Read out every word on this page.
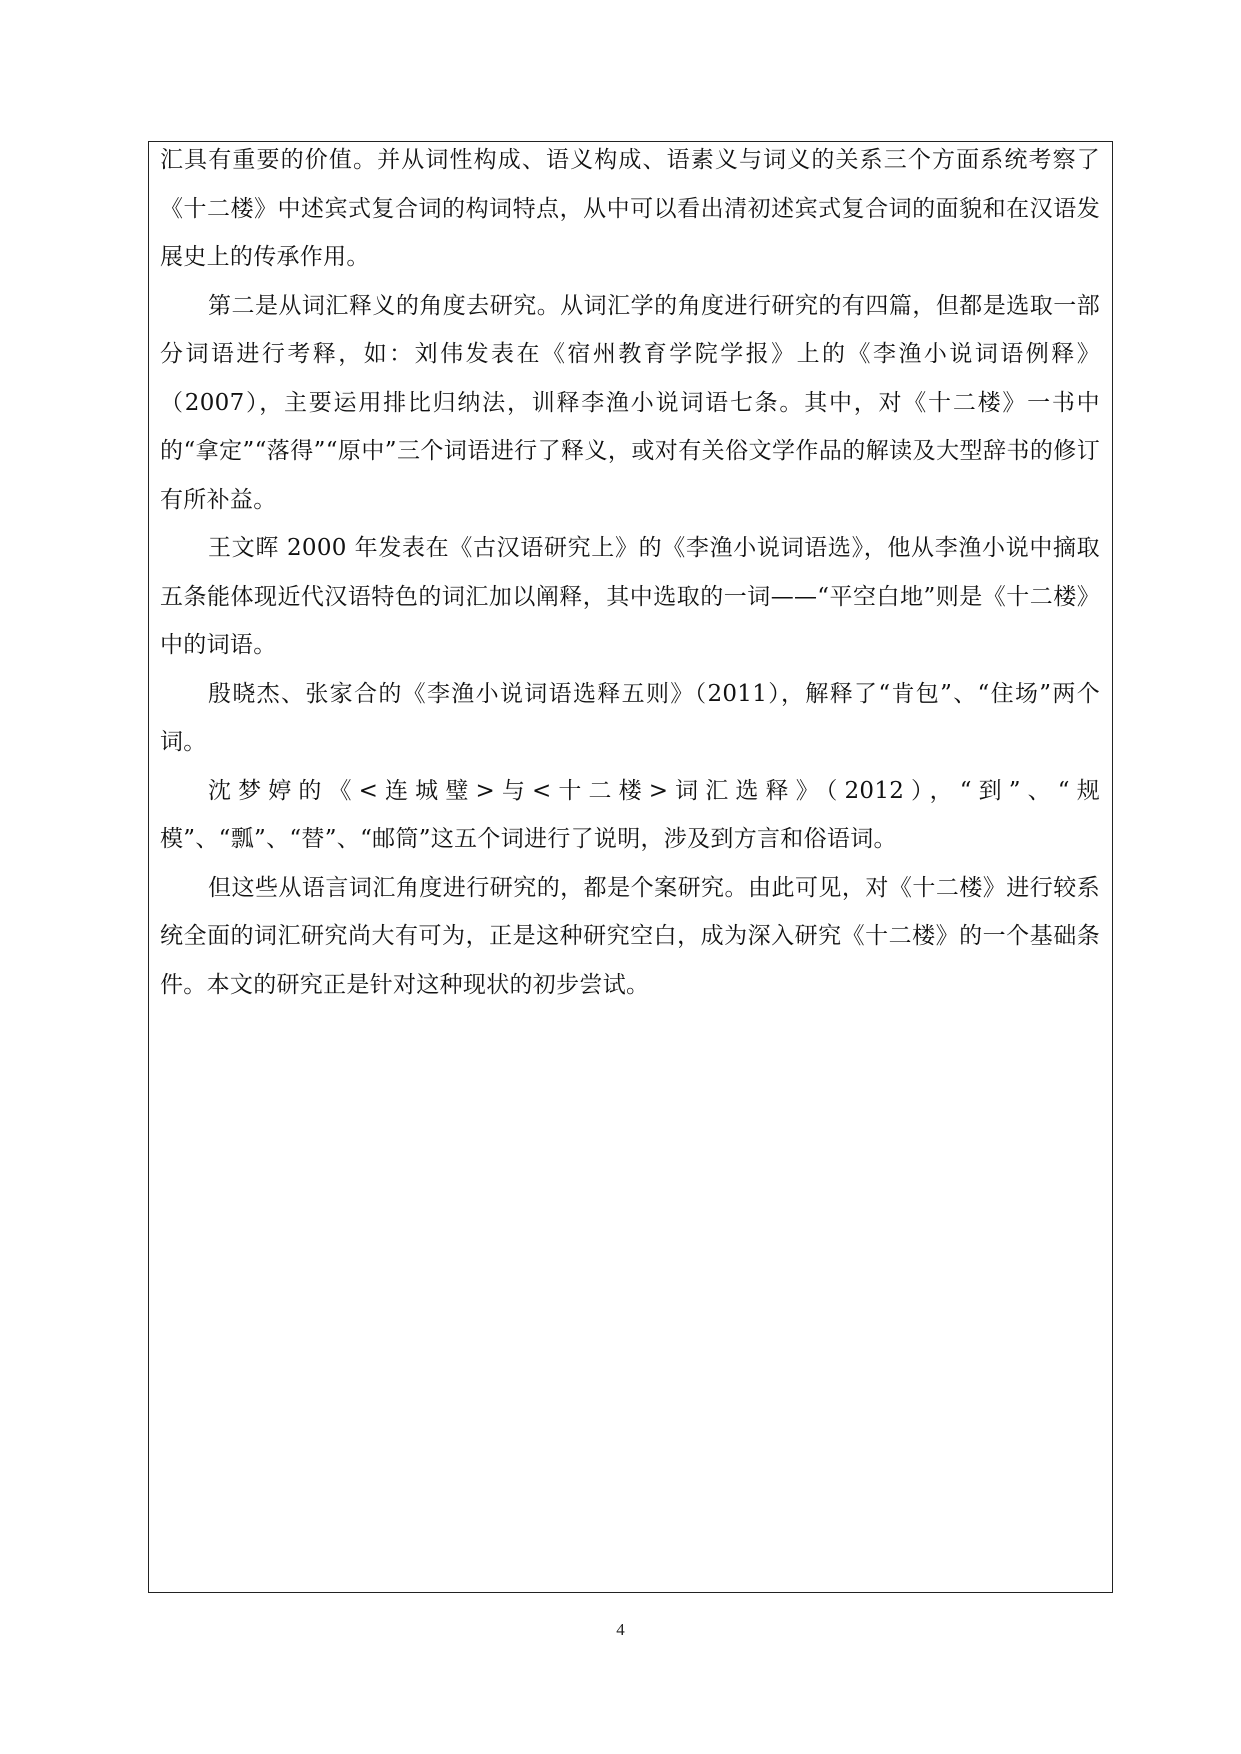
汇具有重要的价值。并从词性构成、语义构成、语素义与词义的关系三个方面系统考察了《十二楼》中述宾式复合词的构词特点，从中可以看出清初述宾式复合词的面貌和在汉语发展史上的传承作用。

第二是从词汇释义的角度去研究。从词汇学的角度进行研究的有四篇，但都是选取一部分词语进行考释，如：刘伟发表在《宿州教育学院学报》上的《李渔小说词语例释》（2007），主要运用排比归纳法，训释李渔小说词语七条。其中，对《十二楼》一书中的“拿定”“落得”“原中”三个词语进行了释义，或对有关俗文学作品的解读及大型辞书的修订有所补益。

王文晖 2000 年发表在《古汉语研究上》的《李渔小说词语选》，他从李渔小说中摘取五条能体现近代汉语特色的词汇加以阐释，其中选取的一词——“平空白地”则是《十二楼》中的词语。

殷晓杰、张家合的《李渔小说词语选释五则》（2011），解释了“肯包”、“住场”两个词。

沈梦婷的《<连城璧>与<十二楼>词汇选释》（2012），“到”、“规模”、“瓢”、“替”、“邮筒”这五个词进行了说明，涉及到方言和俗语词。

但这些从语言词汇角度进行研究的，都是个案研究。由此可见，对《十二楼》进行较系统全面的词汇研究尚大有可为，正是这种研究空白，成为深入研究《十二楼》的一个基础条件。本文的研究正是针对这种现状的初步尝试。

4
